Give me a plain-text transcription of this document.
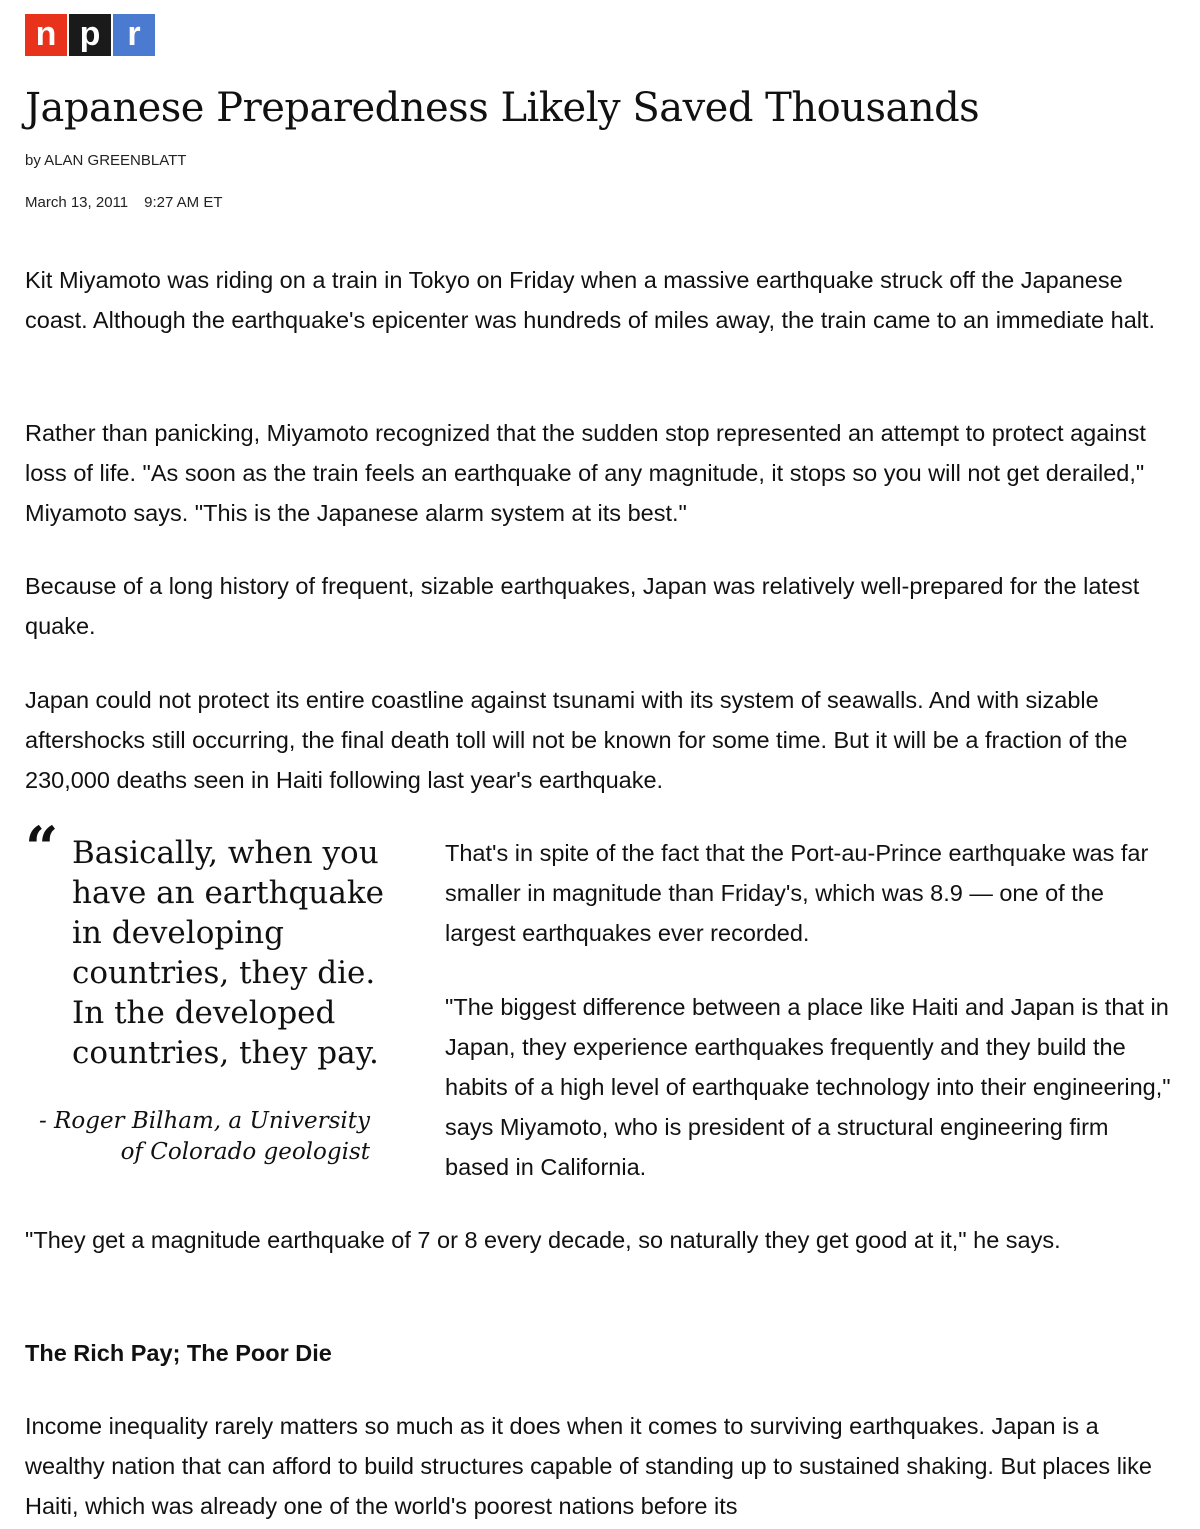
n p r
Japanese Preparedness Likely Saved Thousands
by ALAN GREENBLATT
March 13, 2011 9:27 AM ET

Kit Miyamoto was riding on a train in Tokyo on Friday when a massive earthquake struck off the Japanese coast. Although the earthquake's epicenter was hundreds of miles away, the train came to an immediate halt.

Rather than panicking, Miyamoto recognized that the sudden stop represented an attempt to protect against loss of life. "As soon as the train feels an earthquake of any magnitude, it stops so you will not get derailed," Miyamoto says. "This is the Japanese alarm system at its best."

Because of a long history of frequent, sizable earthquakes, Japan was relatively well-prepared for the latest quake.

Japan could not protect its entire coastline against tsunami with its system of seawalls. And with sizable aftershocks still occurring, the final death toll will not be known for some time. But it will be a fraction of the 230,000 deaths seen in Haiti following last year's earthquake.

“ Basically, when you have an earthquake in developing countries, they die. In the developed countries, they pay.

- Roger Bilham, a University of Colorado geologist

That's in spite of the fact that the Port-au-Prince earthquake was far smaller in magnitude than Friday's, which was 8.9 — one of the largest earthquakes ever recorded.

"The biggest difference between a place like Haiti and Japan is that in Japan, they experience earthquakes frequently and they build the habits of a high level of earthquake technology into their engineering," says Miyamoto, who is president of a structural engineering firm based in California.

"They get a magnitude earthquake of 7 or 8 every decade, so naturally they get good at it," he says.

The Rich Pay; The Poor Die

Income inequality rarely matters so much as it does when it comes to surviving earthquakes. Japan is a wealthy nation that can afford to build structures capable of standing up to sustained shaking. But places like Haiti, which was already one of the world's poorest nations before its
